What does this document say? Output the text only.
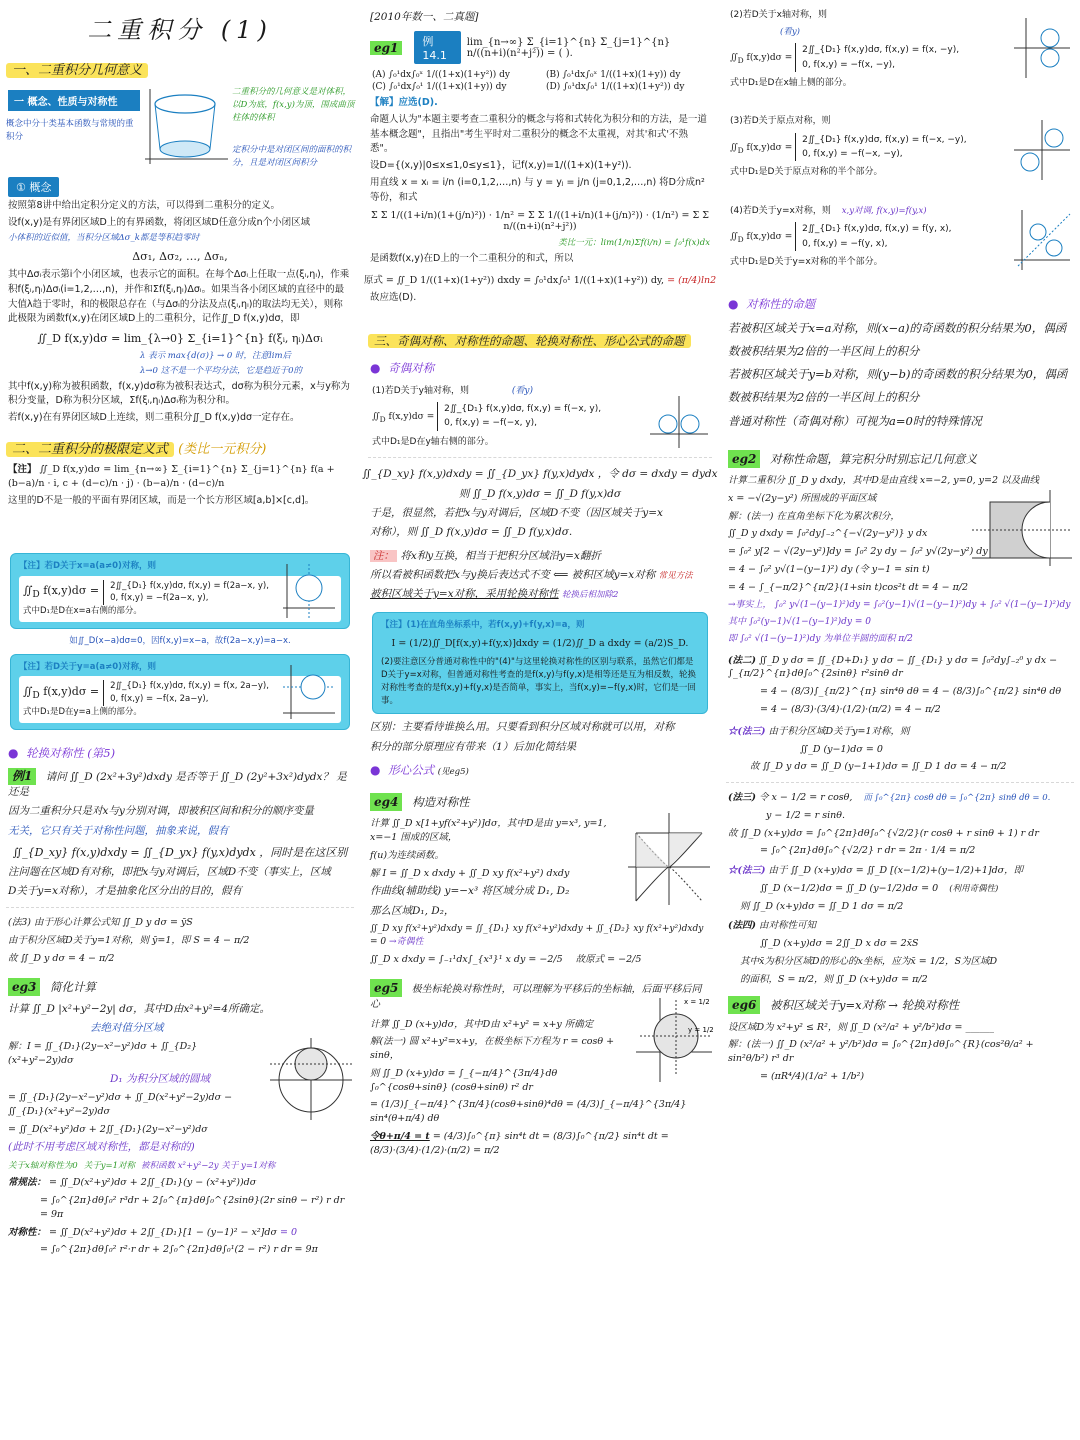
二重积分 (1)
一、二重积分几何意义
一 概念、性质与对称性
概念中分十类基本函数与常规的重积分
二重积分的几何意义是对体积，以D为底，f(x,y)为顶，围成曲顶柱体的体积
定积分中是对闭区间的面积的积分，且是对闭区间积分
① 概念
按照第8讲中给出定积分定义的方法，可以得到二重积分的定义。
设f(x,y)是有界闭区域D上的有界函数，将闭区域D任意分成n个小闭区域
小体积的近似值，当积分区域Δσ_k都是等积趋零时
Δσ₁, Δσ₂, …, Δσₙ,
其中Δσᵢ表示第i个小闭区域，也表示它的面积。在每个Δσᵢ上任取一点(ξᵢ,ηᵢ)，作乘积f(ξᵢ,ηᵢ)Δσᵢ(i=1,2,…,n)，并作和Σf(ξᵢ,ηᵢ)Δσᵢ。如果当各小闭区域的直径中的最大值λ趋于零时，和的极限总存在（与Δσᵢ的分法及点(ξᵢ,ηᵢ)的取法均无关），则称此极限为函数f(x,y)在闭区域D上的二重积分，记作∬_D f(x,y)dσ，即
∬_D f(x,y)dσ = lim_{λ→0} Σ_{i=1}^{n} f(ξᵢ, ηᵢ)Δσᵢ
λ 表示 max{d(σ)} → 0 时，注意lim后
λ→0 这不是一个平均分法，它是趋近于0的
其中f(x,y)称为被积函数，f(x,y)dσ称为被积表达式，dσ称为积分元素，x与y称为积分变量，D称为积分区域，Σf(ξᵢ,ηᵢ)Δσᵢ称为积分和。
若f(x,y)在有界闭区域D上连续，则二重积分∬_D f(x,y)dσ一定存在。
二、二重积分的极限定义式 (类比一元积分)
【注】 ∬_D f(x,y)dσ = lim_{n→∞} Σ_{i=1}^{n} Σ_{j=1}^{n} f(a + (b−a)/n · i, c + (d−c)/n · j) · (b−a)/n · (d−c)/n
这里的D不是一般的平面有界闭区域，而是一个长方形区域[a,b]×[c,d]。
【注】若D关于x=a(a≠0)对称，则
$∬_D$ f(x,y)dσ = 2∬_{D₁} f(x,y)dσ, f(x,y) = f(2a−x, y),
0, f(x,y) = −f(2a−x, y),
式中D₁是D在x=a右侧的部分。
如∬_D(x−a)dσ=0，因f(x,y)=x−a，故f(2a−x,y)=a−x.
【注】若D关于y=a(a≠0)对称，则
$∬_D$ f(x,y)dσ = 2∬_{D₁} f(x,y)dσ, f(x,y) = f(x, 2a−y),
0, f(x,y) = −f(x, 2a−y),
式中D₁是D在y=a上侧的部分。
● 轮换对称性 (第5)
例1 请问 ∬_D (2x²+3y²)dxdy 是否等于 ∬_D (2y²+3x²)dydx？ 是还是
因为二重积分只是对x与y分别对调，即被积区间和积分的顺序变量
无关，它只有关于对称性问题，抽象来说，假有
∬_{D_xy} f(x,y)dxdy = ∬_{D_yx} f(y,x)dydx ，同时是在这区别
注问题在区域D有对称，即把x与y对调后，区域D不变（事实上，区域
D关于y=x对称），才是抽象化区分出的目的，假有
(法3) 由于形心计算公式知 ∬_D y dσ = ȳS
由于积分区域D关于y=1对称，则 ȳ=1，即 S = 4 − π/2
故 ∬_D y dσ = 4 − π/2
eg3 简化计算
计算 ∬_D |x²+y²−2y| dσ，其中D由x²+y²=4所确定。
去绝对值分区域
解：I = ∬_{D₁}(2y−x²−y²)dσ + ∬_{D₂}(x²+y²−2y)dσ
D₁ 为积分区域的圆域
= ∬_{D₁}(2y−x²−y²)dσ + ∬_D(x²+y²−2y)dσ − ∬_{D₁}(x²+y²−2y)dσ
= ∬_D(x²+y²)dσ + 2∬_{D₁}(2y−x²−y²)dσ
(此时不用考虑区域对称性，都是对称的)
关于x轴对称性为0 关于y=1对称 被积函数 x²+y²−2y 关于 y=1对称
常规法： = ∬_D(x²+y²)dσ + 2∬_{D₁}(y − (x²+y²))dσ
= ∫₀^{2π}dθ∫₀² r³dr + 2∫₀^{π}dθ∫₀^{2sinθ}(2r sinθ − r²) r dr = 9π
对称性： = ∬_D(x²+y²)dσ + 2∬_{D₁}[1 − (y−1)² − x²]dσ = 0
= ∫₀^{2π}dθ∫₀² r²·r dr + 2∫₀^{2π}dθ∫₀¹(2 − r²) r dr = 9π
[2010年数一、二真题]
eg1	例 14.1
lim_{n→∞} Σ_{i=1}^{n} Σ_{j=1}^{n} n/((n+i)(n²+j²)) = ( ).
(A) ∫₀¹dx∫₀ˣ 1/((1+x)(1+y²)) dy	(B) ∫₀¹dx∫₀ˣ 1/((1+x)(1+y)) dy
(C) ∫₀¹dx∫₀¹ 1/((1+x)(1+y)) dy	(D) ∫₀¹dx∫₀¹ 1/((1+x)(1+y²)) dy
【解】应选(D).
命题人认为"本题主要考查二重积分的概念与将和式转化为积分和的方法，是一道基本概念题"，且指出"考生平时对二重积分的概念不太重视，对其'和式'不熟悉"。
设D={(x,y)|0≤x≤1,0≤y≤1}，记f(x,y)=1/((1+x)(1+y²)).
用直线 x = xᵢ = i/n (i=0,1,2,…,n) 与 y = yⱼ = j/n (j=0,1,2,…,n) 将D分成n²等份，和式
Σ Σ 1/((1+i/n)(1+(j/n)²)) · 1/n² = Σ Σ 1/((1+i/n)(1+(j/n)²)) · (1/n²) = Σ Σ n/((n+i)(n²+j²))
类比一元：lim(1/n)Σf(i/n) = ∫₀¹f(x)dx
是函数f(x,y)在D上的一个二重积分的和式，所以
原式 = ∬_D 1/((1+x)(1+y²)) dxdy = ∫₀¹dx∫₀¹ 1/((1+x)(1+y²)) dy, = (π/4)ln2
故应选(D).
三、奇偶对称、对称性的命题、轮换对称性、形心公式的命题
● 奇偶对称
(1)若D关于y轴对称，则	(看y)
$∬_D$ f(x,y)dσ =
2∬_{D₁} f(x,y)dσ, f(x,y) = f(−x, y),
0, f(x,y) = −f(−x, y),
式中D₁是D在y轴右侧的部分。
∬_{D_xy} f(x,y)dxdy = ∬_{D_yx} f(y,x)dydx ，令 dσ = dxdy = dydx
则 ∬_D f(x,y)dσ = ∬_D f(y,x)dσ
于是，很显然，若把x与y对调后，区域D不变（因区域关于y=x
对称），则 ∬_D f(x,y)dσ = ∬_D f(y,x)dσ.
注： 将x和y互换，相当于把积分区域沿y=x翻折
所以看被积函数把x与y换后表达式不变 ⟸ 被积区域y=x对称 常见方法
被积区域关于y=x对称，采用轮换对称性 轮换后相加除2
【注】(1)在直角坐标系中，若f(x,y)+f(y,x)=a，则
I = (1/2)∬_D[f(x,y)+f(y,x)]dxdy = (1/2)∬_D a dxdy = (a/2)S_D.
(2)要注意区分普通对称性中的"(4)"与这里轮换对称性的区别与联系，虽然它们都是D关于y=x对称，但普通对称性考查的是f(x,y)与f(y,x)是相等还是互为相反数，轮换对称性考查的是f(x,y)+f(y,x)是否简单，事实上，当f(x,y)=−f(y,x)时，它们是一回事。
区别：主要看待谁换么用。只要看到积分区域对称就可以用，对称
积分的部分原理应有带来（1）后加化简结果
● 形心公式 (见eg5)
eg4 构造对称性
计算 ∬_D x[1+yf(x²+y²)]dσ，其中D是由 y=x³, y=1, x=−1 围成的区域，
f(u)为连续函数。
解 I = ∬_D x dxdy + ∬_D xy f(x²+y²) dxdy
作曲线(辅助线) y=−x³ 将区域分成 D₁, D₂
那么区域D₁, D₂，
∬_D xy f(x²+y²)dxdy = ∬_{D₁} xy f(x²+y²)dxdy + ∬_{D₂} xy f(x²+y²)dxdy = 0 →奇偶性
∬_D x dxdy = ∫₋₁¹dx∫_{x³}¹ x dy = −2/5 故原式 = −2/5
eg5 极坐标轮换对称性时，可以理解为平移后的坐标轴，后面平移后同心
计算 ∬_D (x+y)dσ，其中D由 x²+y² = x+y 所确定
解(法一) 圆 x²+y²=x+y，在极坐标下方程为 r = cosθ + sinθ，
则 ∬_D (x+y)dσ = ∫_{−π/4}^{3π/4}dθ ∫₀^{cosθ+sinθ} (cosθ+sinθ) r² dr
= (1/3)∫_{−π/4}^{3π/4}(cosθ+sinθ)⁴dθ = (4/3)∫_{−π/4}^{3π/4} sin⁴(θ+π/4) dθ
令θ+π/4 = t = (4/3)∫₀^{π} sin⁴t dt = (8/3)∫₀^{π/2} sin⁴t dt = (8/3)·(3/4)·(1/2)·(π/2) = π/2
x = 1/2
y = 1/2
(2)若D关于x轴对称，则
(看y)
$∬_D$ f(x,y)dσ =
2∬_{D₁} f(x,y)dσ, f(x,y) = f(x, −y),
0, f(x,y) = −f(x, −y),
式中D₁是D在x轴上侧的部分。
(3)若D关于原点对称，则
$∬_D$ f(x,y)dσ =
2∬_{D₁} f(x,y)dσ, f(x,y) = f(−x, −y),
0, f(x,y) = −f(−x, −y),
式中D₁是D关于原点对称的半个部分。
(4)若D关于y=x对称，则 x,y对调, f(x,y)=f(y,x)
$∬_D$ f(x,y)dσ =
2∬_{D₁} f(x,y)dσ, f(x,y) = f(y, x),
0, f(x,y) = −f(y, x),
式中D₁是D关于y=x对称的半个部分。
● 对称性的命题
若被积区域关于x=a对称，则(x−a)的奇函数的积分结果为0，偶函
数被积结果为2倍的一半区间上的积分
若被积区域关于y=b对称，则(y−b)的奇函数的积分结果为0，偶函
数被积结果为2倍的一半区间上的积分
普通对称性（奇偶对称）可视为a=0时的特殊情况
eg2 对称性命题，算完积分时别忘记几何意义
计算二重积分 ∬_D y dxdy，其中D是由直线 x=−2, y=0, y=2 以及曲线
x = −√(2y−y²) 所围成的平面区域
解：(法一) 在直角坐标下化为累次积分，
∬_D y dxdy = ∫₀²dy∫₋₂^{−√(2y−y²)} y dx
= ∫₀² y[2 − √(2y−y²)]dy = ∫₀² 2y dy − ∫₀² y√(2y−y²) dy
= 4 − ∫₀² y√(1−(y−1)²) dy (令 y−1 = sin t)
= 4 − ∫_{−π/2}^{π/2}(1+sin t)cos²t dt = 4 − π/2
→事实上， ∫₀² y√(1−(y−1)²)dy = ∫₀²(y−1)√(1−(y−1)²)dy + ∫₀² √(1−(y−1)²)dy
其中 ∫₀²(y−1)√(1−(y−1)²)dy = 0
即 ∫₀² √(1−(y−1)²)dy 为单位半圆的面积 π/2
(法二) ∬_D y dσ = ∬_{D+D₁} y dσ − ∬_{D₁} y dσ = ∫₀²dy∫₋₂⁰ y dx − ∫_{π/2}^{π}dθ∫₀^{2sinθ} r²sinθ dr
= 4 − (8/3)∫_{π/2}^{π} sin⁴θ dθ = 4 − (8/3)∫₀^{π/2} sin⁴θ dθ
= 4 − (8/3)·(3/4)·(1/2)·(π/2) = 4 − π/2
☆(法三) 由于积分区域D关于y=1对称，则
∬_D (y−1)dσ = 0
故 ∬_D y dσ = ∬_D (y−1+1)dσ = ∬_D 1 dσ = 4 − π/2
(法三) 令 x − 1/2 = r cosθ, 而 ∫₀^{2π} cosθ dθ = ∫₀^{2π} sinθ dθ = 0.
y − 1/2 = r sinθ.
故 ∬_D (x+y)dσ = ∫₀^{2π}dθ∫₀^{√2/2}(r cosθ + r sinθ + 1) r dr
= ∫₀^{2π}dθ∫₀^{√2/2} r dr = 2π · 1/4 = π/2
☆(法三) 由于 ∬_D (x+y)dσ = ∬_D [(x−1/2)+(y−1/2)+1]dσ，即
∬_D (x−1/2)dσ = ∬_D (y−1/2)dσ = 0 (利用奇偶性)
则 ∬_D (x+y)dσ = ∬_D 1 dσ = π/2
(法四) 由对称性可知
∬_D (x+y)dσ = 2∬_D x dσ = 2x̄S
其中x̄为积分区域D的形心的x坐标，应为x̄ = 1/2，S为区域D
的面积，S = π/2，则 ∬_D (x+y)dσ = π/2
eg6 被积区域关于y=x对称 → 轮换对称性
设区域D为 x²+y² ≤ R²，则 ∬_D (x²/a² + y²/b²)dσ = ______
解：(法一) ∬_D (x²/a² + y²/b²)dσ = ∫₀^{2π}dθ∫₀^{R}(cos²θ/a² + sin²θ/b²) r³ dr
= (πR⁴/4)(1/a² + 1/b²)
